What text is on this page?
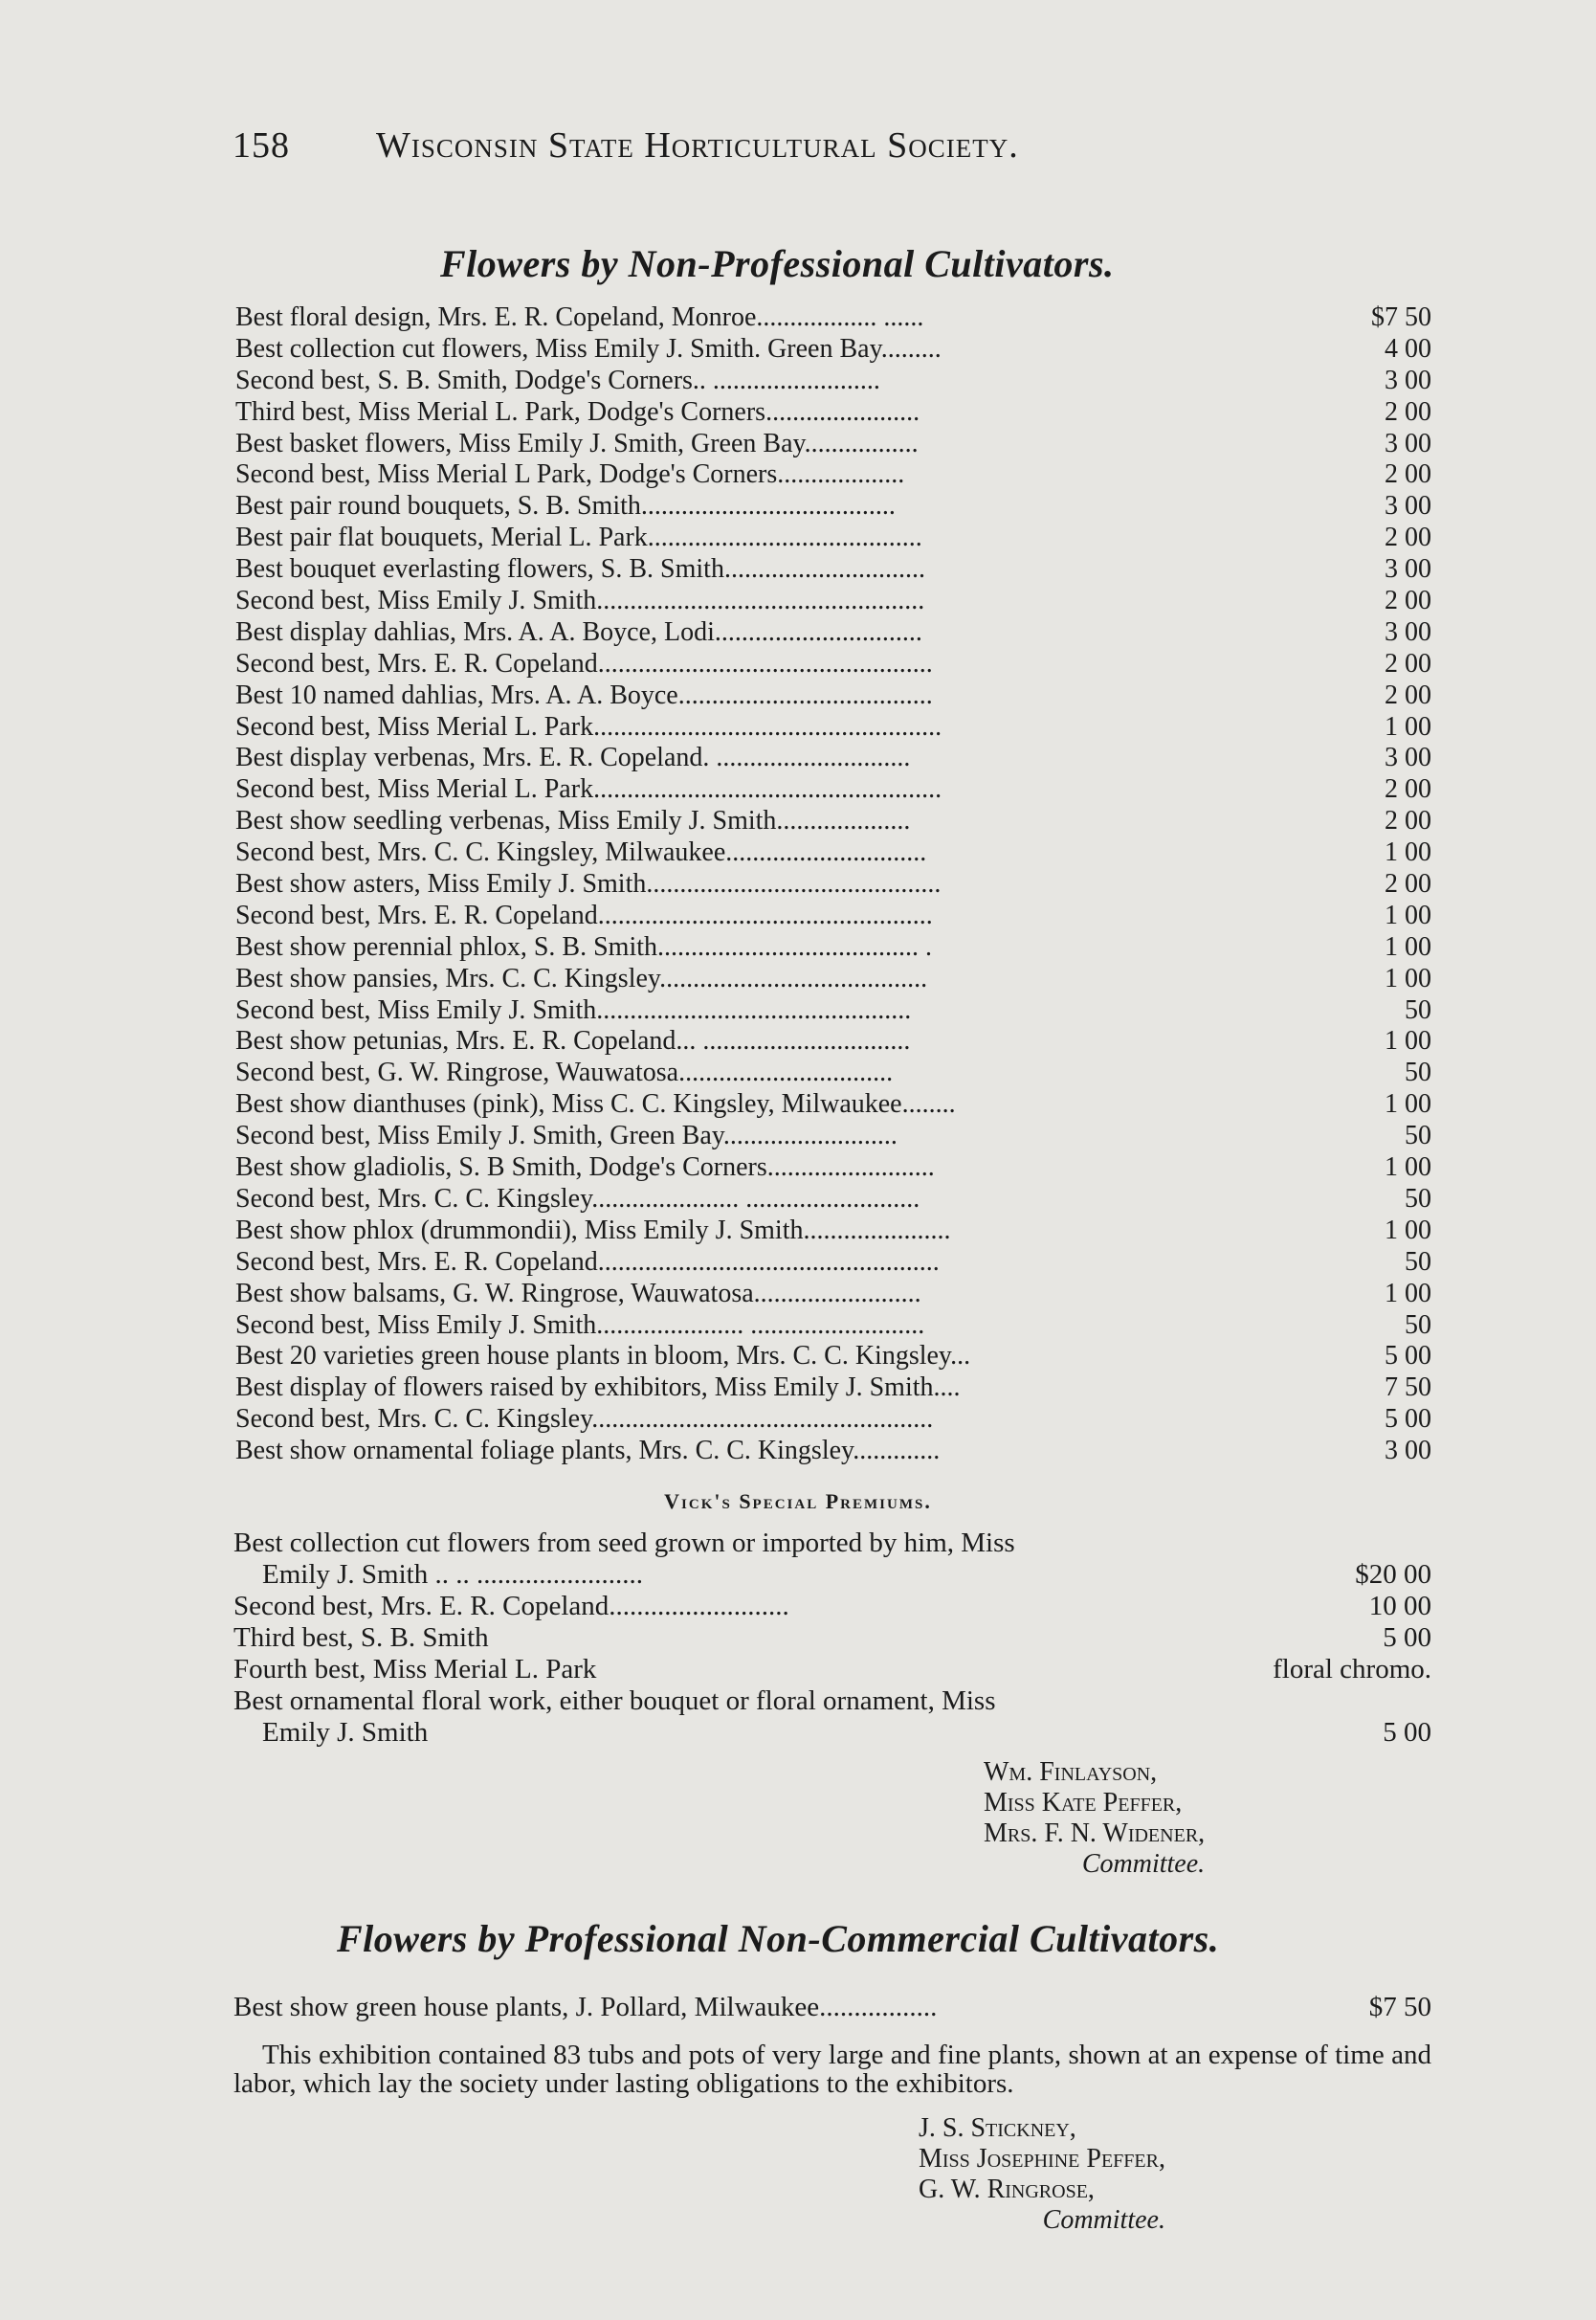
158 Wisconsin State Horticultural Society.
Flowers by Non-Professional Cultivators.
Best floral design, Mrs. E. R. Copeland, Monroe.................. ......	$7 50
Best collection cut flowers, Miss Emily J. Smith. Green Bay.........	4 00
Second best, S. B. Smith, Dodge's Corners.. .........................	3 00
Third best, Miss Merial L. Park, Dodge's Corners.......................	2 00
Best basket flowers, Miss Emily J. Smith, Green Bay.................	3 00
Second best, Miss Merial L Park, Dodge's Corners...................	2 00
Best pair round bouquets, S. B. Smith......................................	3 00
Best pair flat bouquets, Merial L. Park.........................................	2 00
Best bouquet everlasting flowers, S. B. Smith..............................	3 00
Second best, Miss Emily J. Smith.................................................	2 00
Best display dahlias, Mrs. A. A. Boyce, Lodi...............................	3 00
Second best, Mrs. E. R. Copeland..................................................	2 00
Best 10 named dahlias, Mrs. A. A. Boyce......................................	2 00
Second best, Miss Merial L. Park....................................................	1 00
Best display verbenas, Mrs. E. R. Copeland. .............................	3 00
Second best, Miss Merial L. Park....................................................	2 00
Best show seedling verbenas, Miss Emily J. Smith....................	2 00
Second best, Mrs. C. C. Kingsley, Milwaukee..............................	1 00
Best show asters, Miss Emily J. Smith............................................	2 00
Second best, Mrs. E. R. Copeland..................................................	1 00
Best show perennial phlox, S. B. Smith....................................... .	1 00
Best show pansies, Mrs. C. C. Kingsley........................................	1 00
Second best, Miss Emily J. Smith...............................................	50
Best show petunias, Mrs. E. R. Copeland... ...............................	1 00
Second best, G. W. Ringrose, Wauwatosa................................	50
Best show dianthuses (pink), Miss C. C. Kingsley, Milwaukee........	1 00
Second best, Miss Emily J. Smith, Green Bay..........................	50
Best show gladiolis, S. B Smith, Dodge's Corners.........................	1 00
Second best, Mrs. C. C. Kingsley...................... ..........................	50
Best show phlox (drummondii), Miss Emily J. Smith......................	1 00
Second best, Mrs. E. R. Copeland...................................................	50
Best show balsams, G. W. Ringrose, Wauwatosa.........................	1 00
Second best, Miss Emily J. Smith...................... ..........................	50
Best 20 varieties green house plants in bloom, Mrs. C. C. Kingsley...	5 00
Best display of flowers raised by exhibitors, Miss Emily J. Smith....	7 50
Second best, Mrs. C. C. Kingsley...................................................	5 00
Best show ornamental foliage plants, Mrs. C. C. Kingsley.............	3 00
Vick's Special Premiums.
Best collection cut flowers from seed grown or imported by him, Miss
Emily J. Smith .. .. ........................	$20 00
Second best, Mrs. E. R. Copeland..........................	10 00
Third best, S. B. Smith	5 00
Fourth best, Miss Merial L. Park	floral chromo.
Best ornamental floral work, either bouquet or floral ornament, Miss
Emily J. Smith	5 00
Wm. Finlayson,
Miss Kate Peffer,
Mrs. F. N. Widener,
Committee.
Flowers by Professional Non-Commercial Cultivators.
Best show green house plants, J. Pollard, Milwaukee.................	$7 50

This exhibition contained 83 tubs and pots of very large and fine plants, shown at an expense of time and labor, which lay the society under lasting obligations to the exhibitors.

J. S. Stickney,
Miss Josephine Peffer,
G. W. Ringrose,
Committee.
